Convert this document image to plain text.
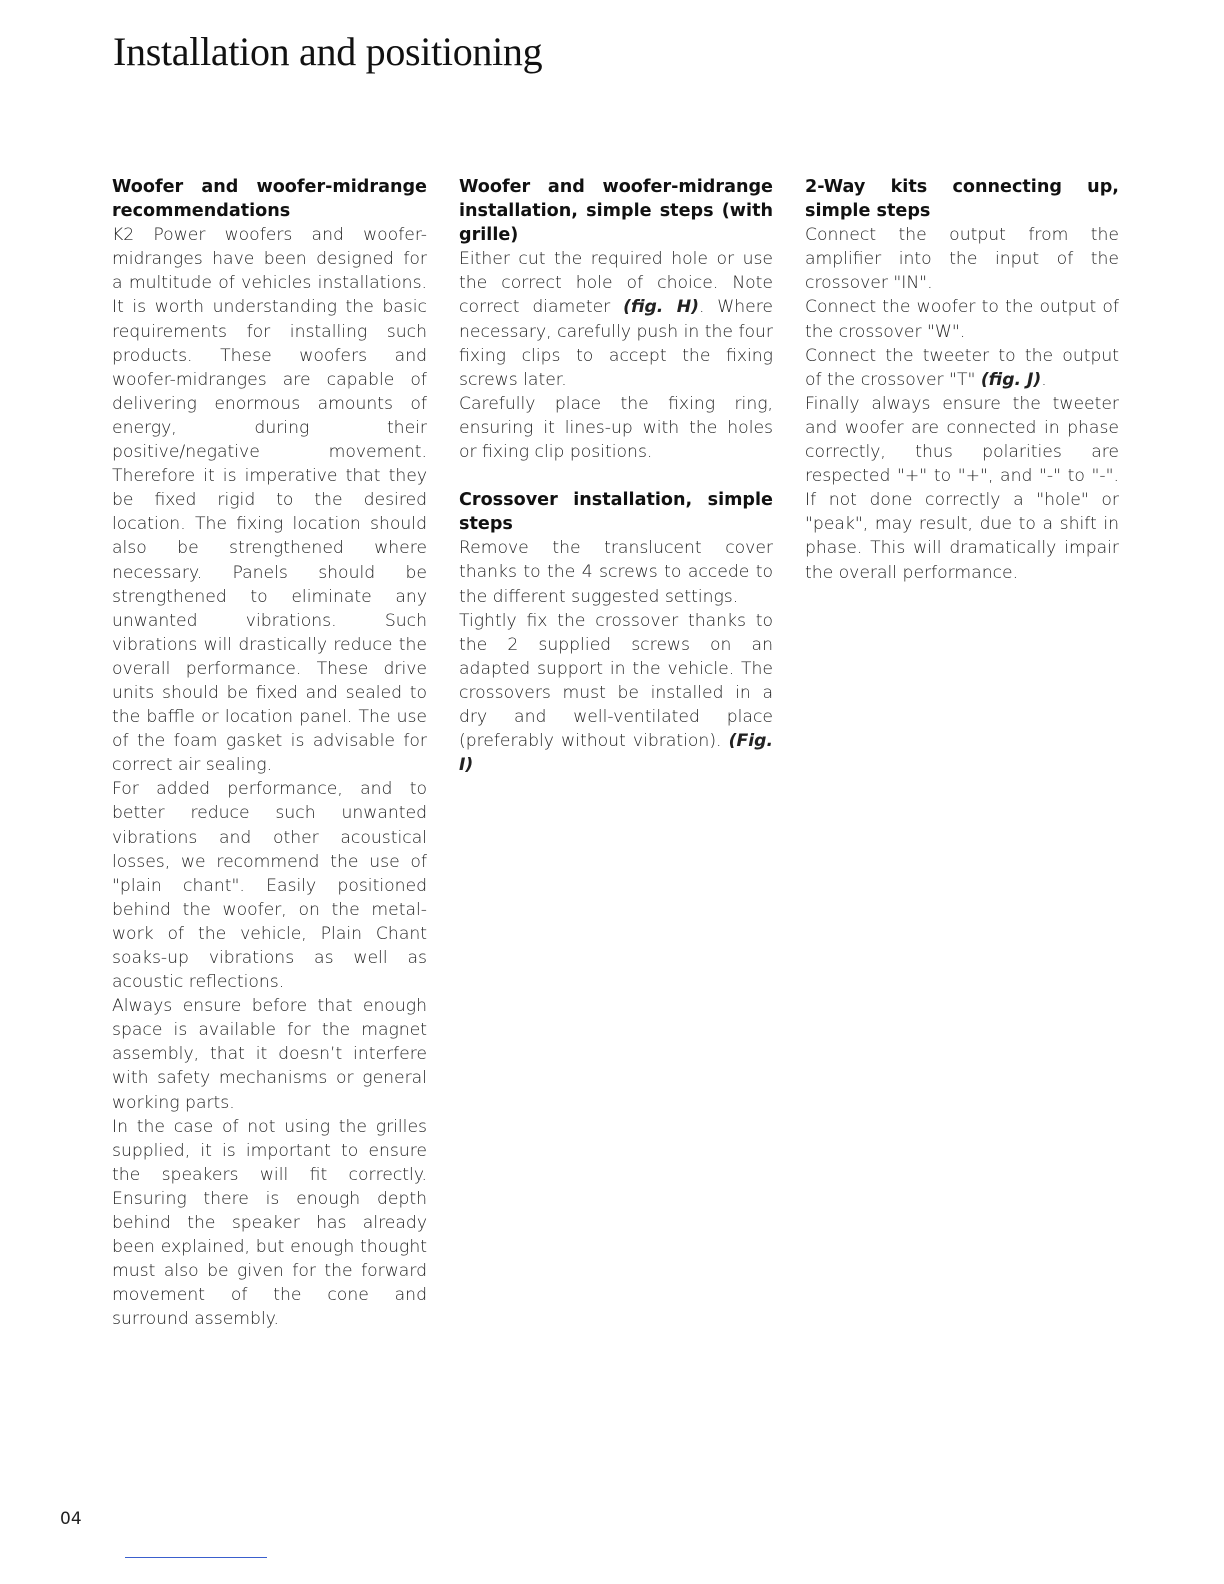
Installation and positioning
Woofer and woofer-midrange recommendations

K2 Power woofers and woofer-midranges have been designed for a multitude of vehicles installations. It is worth understanding the basic requirements for installing such products. These woofers and woofer-midranges are capable of delivering enormous amounts of energy, during their positive/negative movement. Therefore it is imperative that they be fixed rigid to the desired location. The fixing location should also be strengthened where necessary. Panels should be strengthened to eliminate any unwanted vibrations. Such vibrations will drastically reduce the overall performance. These drive units should be fixed and sealed to the baffle or location panel. The use of the foam gasket is advisable for correct air sealing.

For added performance, and to better reduce such unwanted vibrations and other acoustical losses, we recommend the use of "plain chant". Easily positioned behind the woofer, on the metal-work of the vehicle, Plain Chant soaks-up vibrations as well as acoustic reflections.

Always ensure before that enough space is available for the magnet assembly, that it doesn’t interfere with safety mechanisms or general working parts.

In the case of not using the grilles supplied, it is important to ensure the speakers will fit correctly. Ensuring there is enough depth behind the speaker has already been explained, but enough thought must also be given for the forward movement of the cone and surround assembly.

Woofer and woofer-midrange installation, simple steps (with grille)

Either cut the required hole or use the correct hole of choice. Note correct diameter (fig. H). Where necessary, carefully push in the four fixing clips to accept the fixing screws later.

Carefully place the fixing ring, ensuring it lines-up with the holes or fixing clip positions.

Crossover installation, simple steps

Remove the translucent cover thanks to the 4 screws to accede to the different suggested settings.

Tightly fix the crossover thanks to the 2 supplied screws on an adapted support in the vehicle. The crossovers must be installed in a dry and well-ventilated place (preferably without vibration). (Fig. I)

2-Way kits connecting up, simple steps

Connect the output from the amplifier into the input of the crossover "IN".

Connect the woofer to the output of the crossover "W".

Connect the tweeter to the output of the crossover "T" (fig. J).

Finally always ensure the tweeter and woofer are connected in phase correctly, thus polarities are respected "+" to "+", and "-" to "-". If not done correctly a "hole" or "peak", may result, due to a shift in phase. This will dramatically impair the overall performance.

04
